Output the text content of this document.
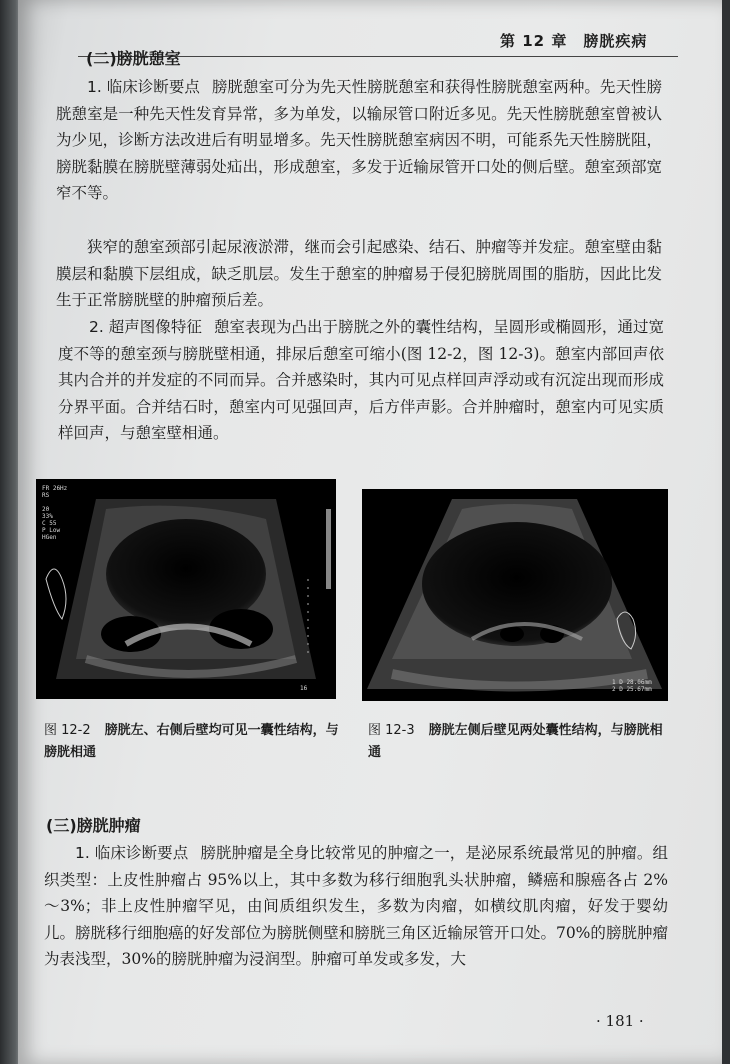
第 12 章　膀胱疾病
(二)膀胱憩室
1. 临床诊断要点 膀胱憩室可分为先天性膀胱憩室和获得性膀胱憩室两种。先天性膀胱憩室是一种先天性发育异常，多为单发，以输尿管口附近多见。先天性膀胱憩室曾被认为少见，诊断方法改进后有明显增多。先天性膀胱憩室病因不明，可能系先天性膀胱阻，膀胱黏膜在膀胱壁薄弱处疝出，形成憩室，多发于近输尿管开口处的侧后壁。憩室颈部宽窄不等。
狭窄的憩室颈部引起尿液淤滞，继而会引起感染、结石、肿瘤等并发症。憩室壁由黏膜层和黏膜下层组成，缺乏肌层。发生于憩室的肿瘤易于侵犯膀胱周围的脂肪，因此比发生于正常膀胱壁的肿瘤预后差。
2. 超声图像特征 憩室表现为凸出于膀胱之外的囊性结构，呈圆形或椭圆形，通过宽度不等的憩室颈与膀胱壁相通，排尿后憩室可缩小(图 12-2，图 12-3)。憩室内部回声依其内合并的并发症的不同而异。合并感染时，其内可见点样回声浮动或有沉淀出现而形成分界平面。合并结石时，憩室内可见强回声，后方伴声影。合并肿瘤时，憩室内可见实质样回声，与憩室壁相通。
FR 26Hz
RS

20
33%
C 55
P Low
HGen
16
图 12-2 膀胱左、右侧后壁均可见一囊性结构，与膀胱相通
1 D 28.06mm
2 D 25.67mm
图 12-3 膀胱左侧后壁见两处囊性结构，与膀胱相通
(三)膀胱肿瘤
1. 临床诊断要点 膀胱肿瘤是全身比较常见的肿瘤之一，是泌尿系统最常见的肿瘤。组织类型：上皮性肿瘤占 95%以上，其中多数为移行细胞乳头状肿瘤，鳞癌和腺癌各占 2%～3%；非上皮性肿瘤罕见，由间质组织发生，多数为肉瘤，如横纹肌肉瘤，好发于婴幼儿。膀胱移行细胞癌的好发部位为膀胱侧壁和膀胱三角区近输尿管开口处。70%的膀胱肿瘤为表浅型，30%的膀胱肿瘤为浸润型。肿瘤可单发或多发，大
· 181 ·
